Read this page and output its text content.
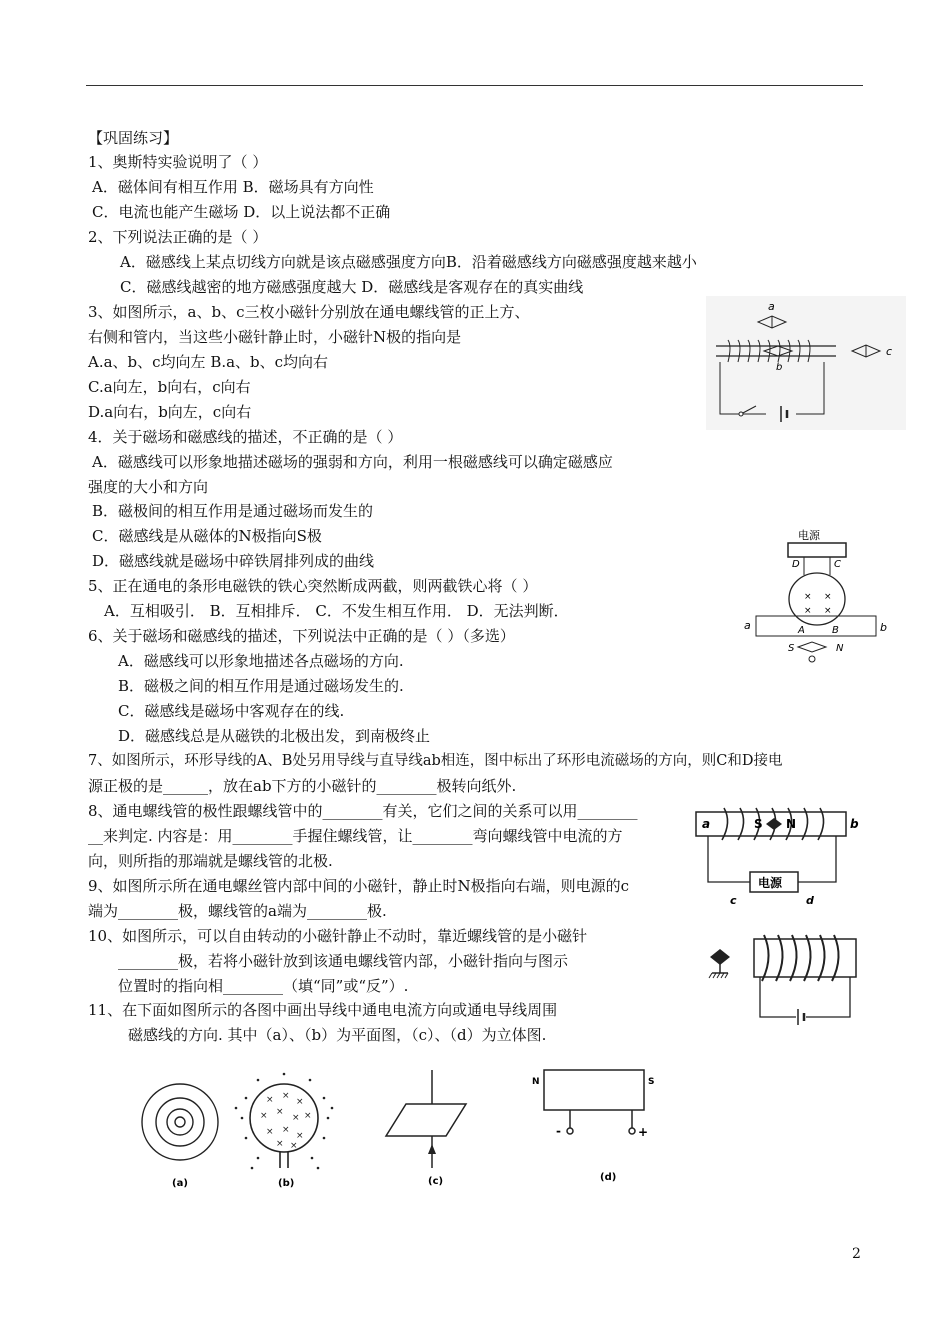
【巩固练习】
1、奥斯特实验说明了（ ）
A．磁体间有相互作用 B．磁场具有方向性
C．电流也能产生磁场 D．以上说法都不正确
2、下列说法正确的是（ ）
A．磁感线上某点切线方向就是该点磁感强度方向B．沿着磁感线方向磁感强度越来越小
C．磁感线越密的地方磁感强度越大 D．磁感线是客观存在的真实曲线
3、如图所示，a、b、c三枚小磁针分别放在通电螺线管的正上方、
右侧和管内，当这些小磁针静止时，小磁针N极的指向是
A.a、b、c均向左 B.a、b、c均向右
C.a向左，b向右，c向右
D.a向右，b向左，c向右
4．关于磁场和磁感线的描述，不正确的是（ ）
A．磁感线可以形象地描述磁场的强弱和方向，利用一根磁感线可以确定磁感应
强度的大小和方向
B．磁极间的相互作用是通过磁场而发生的
C．磁感线是从磁体的N极指向S极
D．磁感线就是磁场中碎铁屑排列成的曲线
5、正在通电的条形电磁铁的铁心突然断成两截，则两截铁心将（ ）
A．互相吸引． B．互相排斥． C．不发生相互作用． D．无法判断．
6、关于磁场和磁感线的描述，下列说法中正确的是（ ）（多选）
A．磁感线可以形象地描述各点磁场的方向.
B．磁极之间的相互作用是通过磁场发生的.
C．磁感线是磁场中客观存在的线.
D．磁感线总是从磁铁的北极出发，到南极终止
7、如图所示，环形导线的A、B处另用导线与直导线ab相连，图中标出了环形电流磁场的方向，则C和D接电
源正极的是______，放在ab下方的小磁针的________极转向纸外.
8、通电螺线管的极性跟螺线管中的________有关，它们之间的关系可以用________
__来判定. 内容是：用________手握住螺线管，让________弯向螺线管中电流的方
向，则所指的那端就是螺线管的北极.
9、如图所示所在通电螺丝管内部中间的小磁针，静止时N极指向右端，则电源的c
端为________极，螺线管的a端为________极.
10、如图所示，可以自由转动的小磁针静止不动时，靠近螺线管的是小磁针
________极，若将小磁针放到该通电螺线管内部，小磁针指向与图示
位置时的指向相________（填“同”或“反”）.
11、在下面如图所示的各图中画出导线中通电电流方向或通电导线周围
磁感线的方向. 其中（a）、（b）为平面图，（c）、（d）为立体图.
a
b
c
电源
D	C
× ×
× ×
A	B
a	b
S	N
a	S N	b
电源
c	d
(a)
× ×
×
× ×
× ×
× ×
×
× ×
(b)	(c)
N	S
-	+
(d)
2
